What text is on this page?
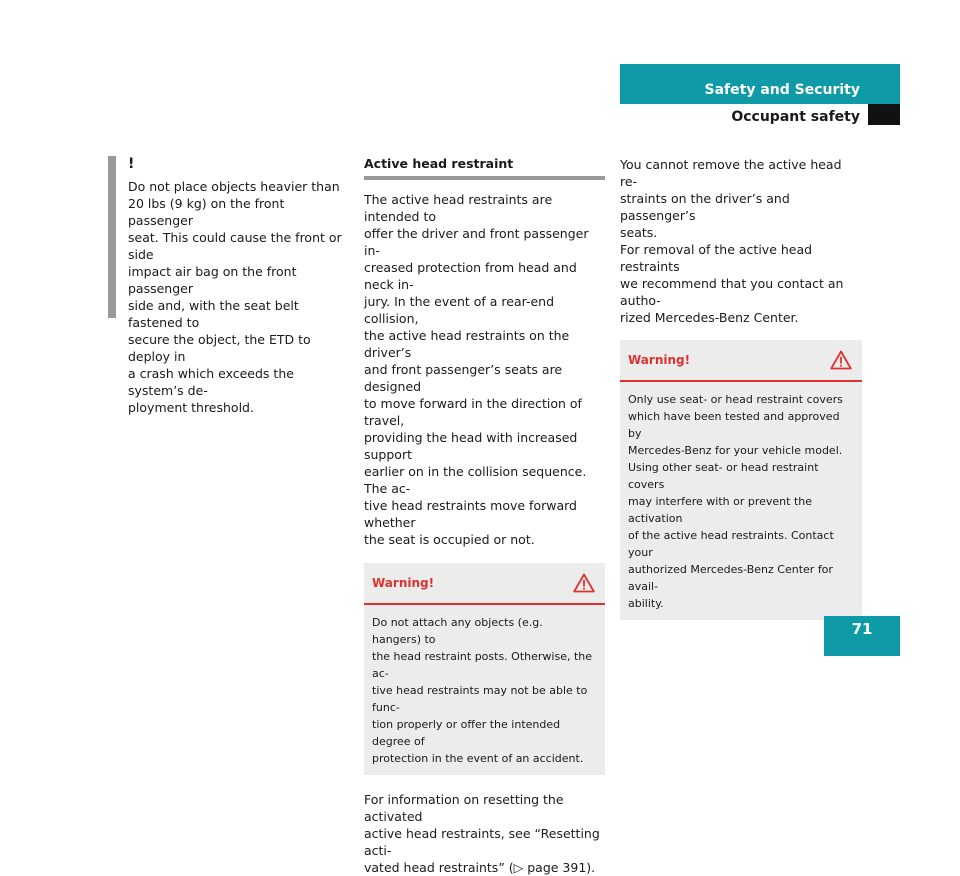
Safety and Security
Occupant safety
!
Do not place objects heavier than
20 lbs (9 kg) on the front passenger
seat. This could cause the front or side
impact air bag on the front passenger
side and, with the seat belt fastened to
secure the object, the ETD to deploy in
a crash which exceeds the system’s de-
ployment threshold.
Active head restraint
The active head restraints are intended to
offer the driver and front passenger in-
creased protection from head and neck in-
jury. In the event of a rear-end collision,
the active head restraints on the driver’s
and front passenger’s seats are designed
to move forward in the direction of travel,
providing the head with increased support
earlier on in the collision sequence. The ac-
tive head restraints move forward whether
the seat is occupied or not.
Warning!
Do not attach any objects (e.g. hangers) to
the head restraint posts. Otherwise, the ac-
tive head restraints may not be able to func-
tion properly or offer the intended degree of
protection in the event of an accident.
For information on resetting the activated
active head restraints, see “Resetting acti-
vated head restraints” (▷ page 391).
You cannot remove the active head re-
straints on the driver’s and passenger’s
seats.
For removal of the active head restraints
we recommend that you contact an autho-
rized Mercedes-Benz Center.
Warning!
Only use seat- or head restraint covers
which have been tested and approved by
Mercedes-Benz for your vehicle model.
Using other seat- or head restraint covers
may interfere with or prevent the activation
of the active head restraints. Contact your
authorized Mercedes-Benz Center for avail-
ability.
71
